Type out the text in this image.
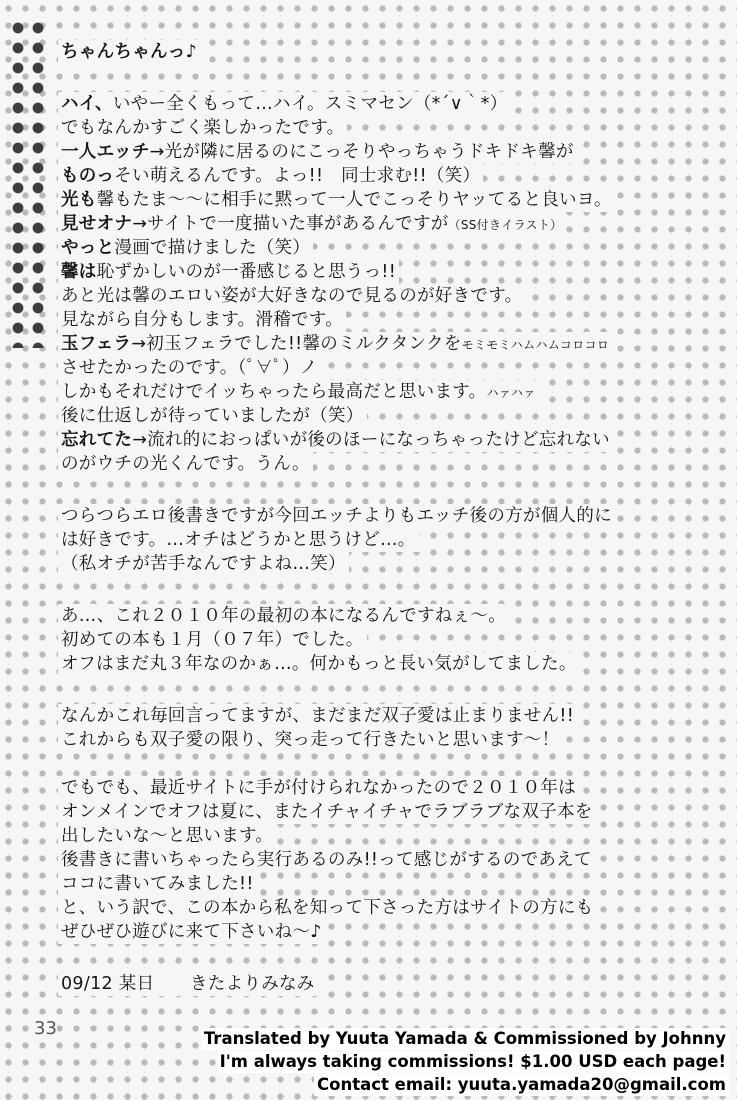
ちゃんちゃんっ♪
ハイ、いやー全くもって…ハイ。スミマセン（*´∨｀*）
でもなんかすごく楽しかったです。
一人エッチ→光が隣に居るのにこっそりやっちゃうドキドキ馨が
ものっそい萌えるんです。よっ!!　同士求む!!（笑）
光も馨もたま～～に相手に黙って一人でこっそりヤッてると良いヨ。
見せオナ→サイトで一度描いた事があるんですが（SS付きイラスト）
やっと漫画で描けました（笑）
馨は恥ずかしいのが一番感じると思うっ!!
あと光は馨のエロい姿が大好きなので見るのが好きです。
見ながら自分もします。滑稽です。
玉フェラ→初玉フェラでした!!馨のミルクタンクをモミモミハムハムコロコロ
させたかったのです。（ﾟ∀ﾟ）ノ
しかもそれだけでイッちゃったら最高だと思います。ハァハァ
後に仕返しが待っていましたが（笑）
忘れてた→流れ的におっぱいが後のほーになっちゃったけど忘れない
のがウチの光くんです。うん。
つらつらエロ後書きですが今回エッチよりもエッチ後の方が個人的に
は好きです。…オチはどうかと思うけど…。
（私オチが苦手なんですよね…笑）
あ…、これ２０１０年の最初の本になるんですねぇ～。
初めての本も１月（０７年）でした。
オフはまだ丸３年なのかぁ…。何かもっと長い気がしてました。
なんかこれ毎回言ってますが、まだまだ双子愛は止まりません!!
これからも双子愛の限り、突っ走って行きたいと思います～！
でもでも、最近サイトに手が付けられなかったので２０１０年は
オンメインでオフは夏に、またイチャイチャでラブラブな双子本を
出したいな～と思います。
後書きに書いちゃったら実行あるのみ!!って感じがするのであえて
ココに書いてみました!!
と、いう訳で、この本から私を知って下さった方はサイトの方にも
ぜひぜひ遊びに来て下さいね～♪
09/12 某日　　きたよりみなみ
33	Translated by Yuuta Yamada & Commissioned by Johnny
I'm always taking commissions! $1.00 USD each page!
Contact email: yuuta.yamada20@gmail.com
